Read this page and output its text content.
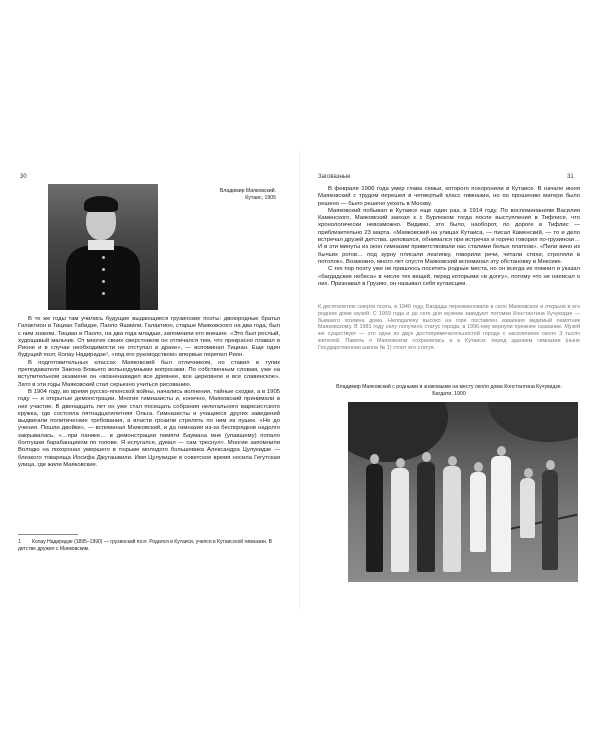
30
Владимир Маяковский.
Кутаис, 1905

В те же годы там учились будущие выдающиеся грузинские поэты: двоюродные братья Галактион и Тициан Табидзе, Паоло Яшвили. Галактион, старше Маяковского на два года, был с ним знаком. Тициан и Паоло, на два года младше, запомнили его внешне. «Это был рослый, худощавый мальчик. От многих своих сверстников он отличался тем, что прекрасно плавал в Рионе и в случае необходимости не отступал в драке», — вспоминал Тициан. Еще один будущий поэт, Колау Надирадзе¹, «под его руководством» впервые перепил Рион.

В подготовительных классах Маяковский был отличником, но ставил в тупик преподавателя Закона Божьего вольнодумными вопросами. По собственным словам, уже на вступительном экзамене он «возненавидел все древнее, все церковное и все славянское». Зато в эти годы Маяковский стал серьезно учиться рисованию.

В 1904 году, во время русско-японской войны, начались волнения, тайные сходки, а в 1905 году — и открытые демонстрации. Многие гимназисты и, конечно, Маяковский принимали в них участие. В двенадцать лет он уже стал посещать собрания нелегального марксистского кружка, где состояла пятнадцатилетняя Ольга. Гимназисты и учащиеся других заведений выдвигали политические требования, а власти грозили стрелять по ним из пушек. «Не до учения. Пошли двойки», — вспоминал Маяковский, и да гимназия из-за беспорядков надолго закрывалась. «…при панике… в демонстрации памяти Баумана мне (упавшему) попало болтушки барабанщиком по голове. Я испугался, думал — сам треснул». Многие запомнили Володю на похоронах умершего в тюрьме молодого большевика Александра Цулукидзе — близкого товарища Иосифа Джугашвили. Имя Цулукидзе в советское время носила Гегутская улица, где жили Маяковские.

1 Колау Надирадзе (1895–1990) — грузинский поэт. Родился в Кутаиси, учился в Кутаисской гимназии. В детстве дружил с Маяковским.
Заговазные	31

В феврале 1906 года умер глава семьи, которого похоронили в Кутаисе. В начале июня Маяковский с трудом перешел в четвертый класс гимназии, но по прошению матери было решено — было решено уехать в Москву.

Маяковский побывал в Кутаисе еще один раз, в 1914 году. По воспоминаниям Василия Каменского, Маяковский заехал к с Бурлюком тогда после выступления в Тифлисе, что хронологически невозможно. Видимо, это было, наоборот, по дороге в Тифлис — приблизительно 23 марта. «Маяковский на улицах Кутаиса, — писал Каменский, — то и дело встречал друзей детства, целовался, обнимался при встречах и горячо говорил по-грузински… И в эти минуты из окон гимназии приветствовали нас сталими белых платков». «Пили вино из бычьих рогов… под зурну плясали лезгинку, говорили речи, читали стихи, стреляли в потолок». Возможно, много лет спустя Маяковский вспоминал эту обстановку в Мексике.

С тех пор поэту уже не пришлось посетить родные места, но он всегда их помнил и указал «багдадские небеса» в числе тех вещей, перед которыми «в долгу», потому что не написал о них. Признавал в Грузию, он называл себя кутаисцем.

К десятилетию смерти поэта, в 1940 году, Багдады переименовали в село Маяковское и открыли в его родном доме музей. С 1959 года и до сего дня музеем заведуют потомки Константина Кучукидзе — бывшего хозяина дома. Неподалеку высоко на горе поставлен изваяния видимый памятник Маяковскому. В 1981 году селу получило статус города, в 1990-ему вернули прежнее название. Музей же существует — это одна из двух достопримечательностей города с населением около 3 тысяч жителей. Память о Маяковском сохранилась и в Кутаиси: перед зданием гимназии (ныне Государственная школа № 1) стоит его статуя.

Владимир Маяковский с родными и знакомыми на месту около дома Константина Кучукидзе.
Багдати, 1900
